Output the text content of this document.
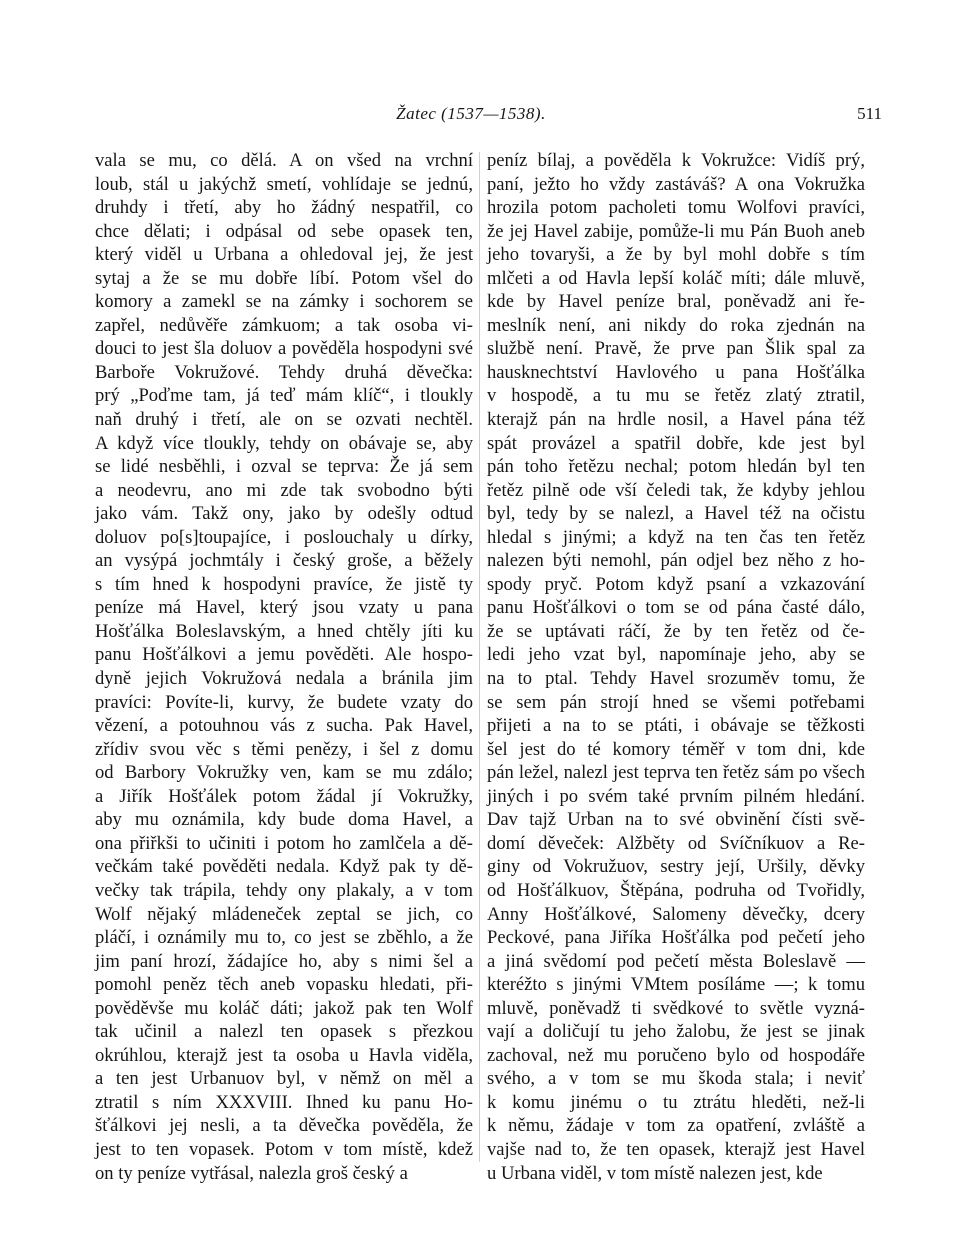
Žatec (1537—1538).	511
vala se mu, co dělá. A on všed na vrchní
loub, stál u jakýchž smetí, vohlídaje se jednú,
druhdy i třetí, aby ho žádný nespatřil, co
chce dělati; i odpásal od sebe opasek ten,
který viděl u Urbana a ohledoval jej, že jest
sytaj a že se mu dobře líbí. Potom všel do
komory a zamekl se na zámky i sochorem se
zapřel, nedůvěře zámkuom; a tak osoba vi-
douci to jest šla doluov a pověděla hospodyni své
Barboře Vokružové. Tehdy druhá děvečka:
prý „Poďme tam, já teď mám klíč“, i tloukly
naň druhý i třetí, ale on se ozvati nechtěl.
A když více tloukly, tehdy on obávaje se, aby
se lidé nesběhli, i ozval se teprva: Že já sem
a neodevru, ano mi zde tak svobodno býti
jako vám. Takž ony, jako by odešly odtud
doluov po[s]toupajíce, i poslouchaly u dírky,
an vysýpá jochmtály i český groše, a běžely
s tím hned k hospodyni pravíce, že jistě ty
peníze má Havel, který jsou vzaty u pana
Hošťálka Boleslavským, a hned chtěly jíti ku
panu Hošťálkovi a jemu pověděti. Ale hospo-
dyně jejich Vokružová nedala a bránila jim
pravíci: Povíte-li, kurvy, že budete vzaty do
vězení, a potouhnou vás z sucha. Pak Havel,
zřídiv svou věc s těmi penězy, i šel z domu
od Barbory Vokružky ven, kam se mu zdálo;
a Jiřík Hošťálek potom žádal jí Vokružky,
aby mu oznámila, kdy bude doma Havel, a
ona přiřkši to učiniti i potom ho zamlčela a dě-
večkám také pověděti nedala. Když pak ty dě-
večky tak trápila, tehdy ony plakaly, a v tom
Wolf nějaký mládeneček zeptal se jich, co
pláčí, i oznámily mu to, co jest se zběhlo, a že
jim paní hrozí, žádajíce ho, aby s nimi šel a
pomohl peněz těch aneb vopasku hledati, při-
pověděvše mu koláč dáti; jakož pak ten Wolf
tak učinil a nalezl ten opasek s přezkou
okrúhlou, kterajž jest ta osoba u Havla viděla,
a ten jest Urbanuov byl, v němž on měl a
ztratil s ním XXXVIII. Ihned ku panu Ho-
šťálkovi jej nesli, a ta děvečka pověděla, že
jest to ten vopasek. Potom v tom místě, kdež
on ty peníze vytřásal, nalezla groš český a
peníz bílaj, a pověděla k Vokružce: Vidíš prý,
paní, ježto ho vždy zastáváš? A ona Vokružka
hrozila potom pacholeti tomu Wolfovi pravíci,
že jej Havel zabije, pomůže-li mu Pán Buoh aneb
jeho tovaryši, a že by byl mohl dobře s tím
mlčeti a od Havla lepší koláč míti; dále mluvě,
kde by Havel peníze bral, poněvadž ani ře-
meslník není, ani nikdy do roka zjednán na
službě není. Pravě, že prve pan Šlik spal za
hausknechtství Havlového u pana Hošťálka
v hospodě, a tu mu se řetěz zlatý ztratil,
kterajž pán na hrdle nosil, a Havel pána též
spát provázel a spatřil dobře, kde jest byl
pán toho řetězu nechal; potom hledán byl ten
řetěz pilně ode vší čeledi tak, že kdyby jehlou
byl, tedy by se nalezl, a Havel též na očistu
hledal s jinými; a když na ten čas ten řetěz
nalezen býti nemohl, pán odjel bez něho z ho-
spody pryč. Potom když psaní a vzkazování
panu Hošťálkovi o tom se od pána časté dálo,
že se uptávati ráčí, že by ten řetěz od če-
ledi jeho vzat byl, napomínaje jeho, aby se
na to ptal. Tehdy Havel srozuměv tomu, že
se sem pán strojí hned se všemi potřebami
přijeti a na to se ptáti, i obávaje se těžkosti
šel jest do té komory téměř v tom dni, kde
pán ležel, nalezl jest teprva ten řetěz sám po všech
jiných i po svém také prvním pilném hledání.
Dav tajž Urban na to své obvinění čísti svě-
domí děveček: Alžběty od Svíčníkuov a Re-
giny od Vokružuov, sestry její, Uršily, děvky
od Hošťálkuov, Štěpána, podruha od Tvořidly,
Anny Hošťálkové, Salomeny děvečky, dcery
Peckové, pana Jiříka Hošťálka pod pečetí jeho
a jiná svědomí pod pečetí města Boleslavě —
kteréžto s jinými VMtem posíláme —; k tomu
mluvě, poněvadž ti svědkové to světle vyzná-
vají a doličují tu jeho žalobu, že jest se jinak
zachoval, než mu poručeno bylo od hospodáře
svého, a v tom se mu škoda stala; i neviť
k komu jinému o tu ztrátu hleděti, než-li
k němu, žádaje v tom za opatření, zvláště a
vajše nad to, že ten opasek, kterajž jest Havel
u Urbana viděl, v tom místě nalezen jest, kde
